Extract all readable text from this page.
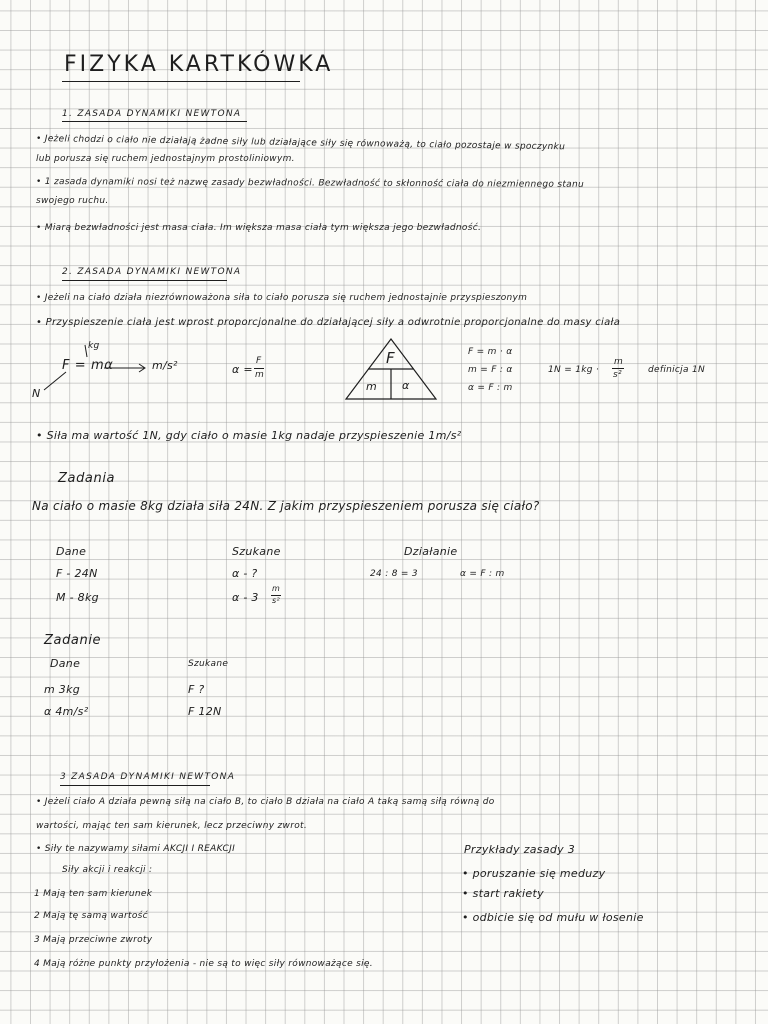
FIZYKA KARTKÓWKA
1. ZASADA DYNAMIKI NEWTONA
• Jeżeli chodzi o ciało nie działają żadne siły lub działające siły się równoważą, to ciało pozostaje w spoczynku
lub porusza się ruchem jednostajnym prostoliniowym.
• 1 zasada dynamiki nosi też nazwę zasady bezwładności. Bezwładność to skłonność ciała do niezmiennego stanu
swojego ruchu.
• Miarą bezwładności jest masa ciała. Im większa masa ciała tym większa jego bezwładność.
2. ZASADA DYNAMIKI NEWTONA
• Jeżeli na ciało działa niezrównoważona siła to ciało porusza się ruchem jednostajnie przyspieszonym
• Przyspieszenie ciała jest wprost proporcjonalne do działającej siły a odwrotnie proporcjonalne do masy ciała
kg
F = mα	m/s²
N
α =
F
m
F
m α
F = m · α
m = F : α
α = F : m
1N = 1kg ·
m
s²	definicja 1N
• Siła ma wartość 1N, gdy ciało o masie 1kg nadaje przyspieszenie 1m/s²
Zadania
Na ciało o masie 8kg działa siła 24N. Z jakim przyspieszeniem porusza się ciało?
Dane	Szukane	Działanie
F - 24N	α - ?	24 : 8 = 3	α = F : m
M - 8kg	α - 3
m
s²
Zadanie
Dane	Szukane
m 3kg	F ?
α 4m/s²	F 12N
3 ZASADA DYNAMIKI NEWTONA
• Jeżeli ciało A działa pewną siłą na ciało B, to ciało B działa na ciało A taką samą siłą równą do
wartości, mając ten sam kierunek, lecz przeciwny zwrot.
• Siły te nazywamy siłami AKCJI I REAKCJI	Przykłady zasady 3
Siły akcji i reakcji :	• poruszanie się meduzy
1 Mają ten sam kierunek	• start rakiety
2 Mają tę samą wartość	• odbicie się od mułu w łosenie
3 Mają przeciwne zwroty
4 Mają różne punkty przyłożenia - nie są to więc siły równoważące się.
